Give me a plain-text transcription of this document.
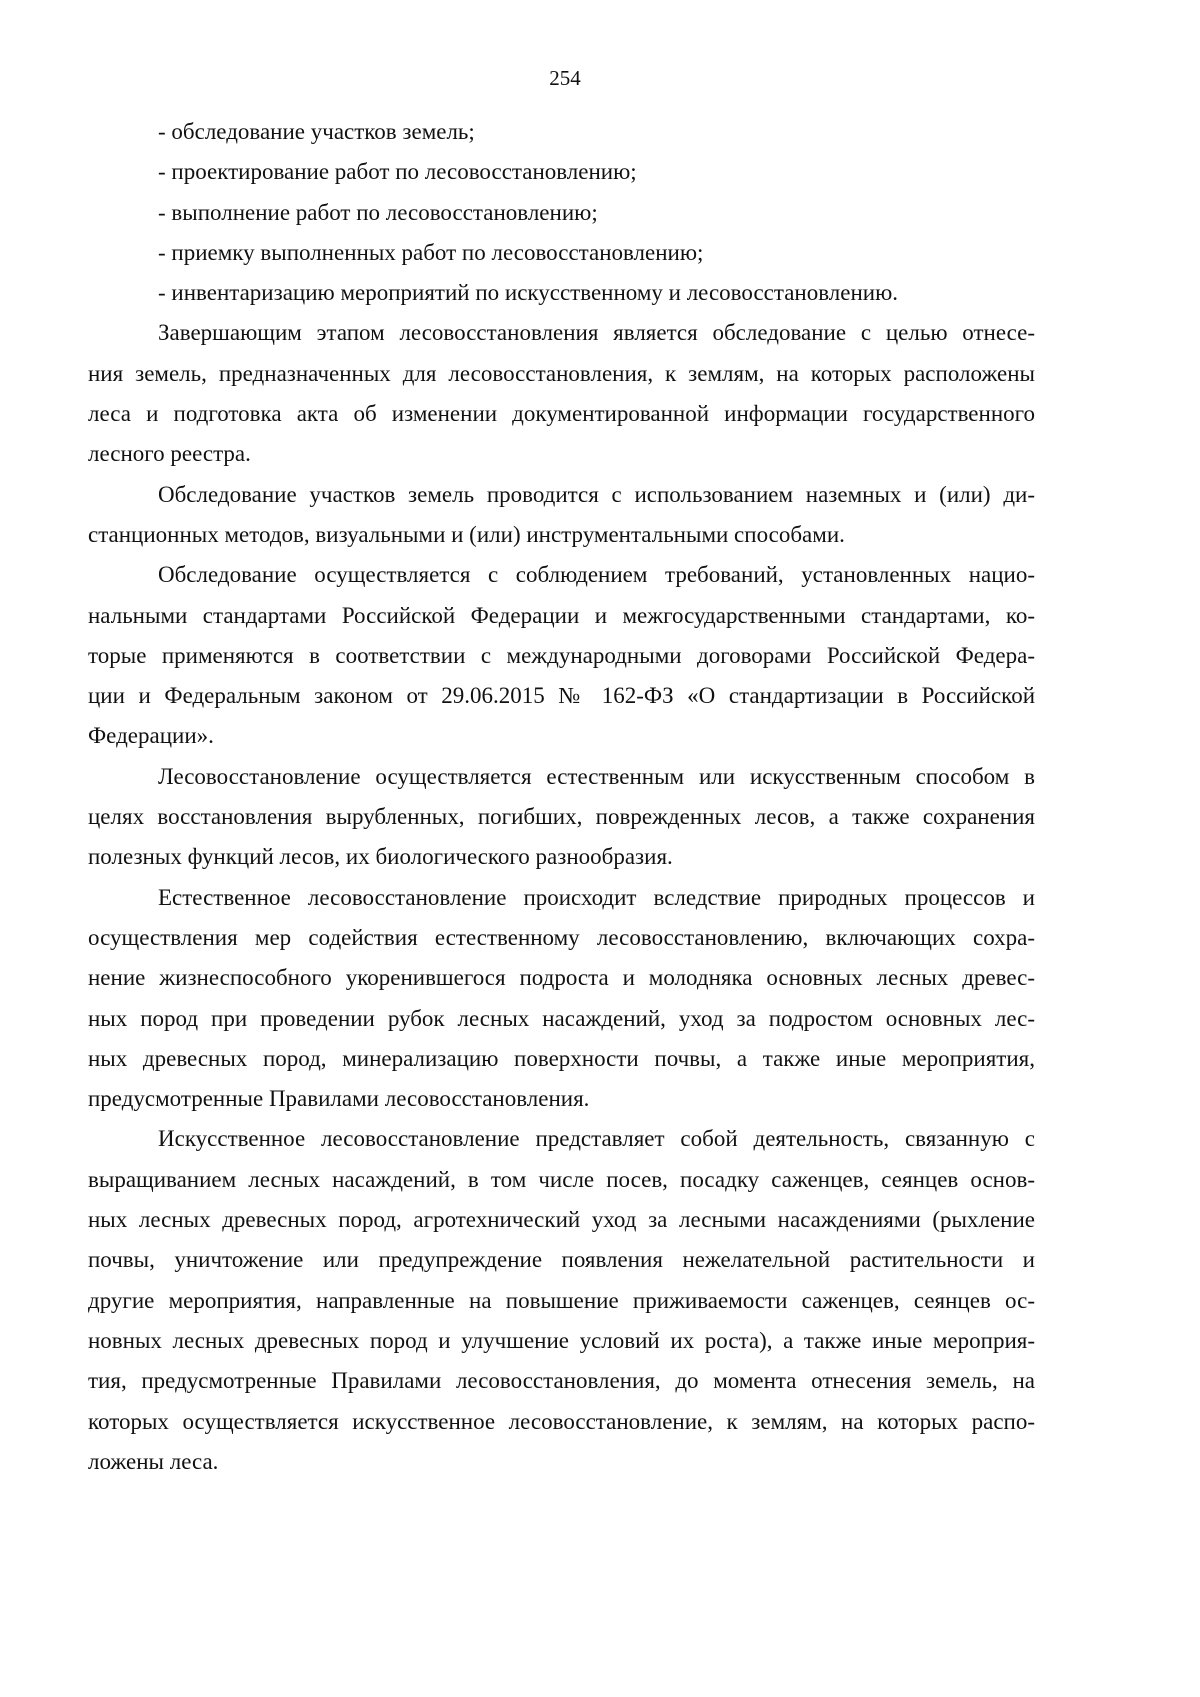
254
- обследование участков земель;
- проектирование работ по лесовосстановлению;
- выполнение работ по лесовосстановлению;
- приемку выполненных работ по лесовосстановлению;
- инвентаризацию мероприятий по искусственному и лесовосстановлению.
Завершающим этапом лесовосстановления является обследование с целью отнесе-
ния земель, предназначенных для лесовосстановления, к землям, на которых расположены
леса и подготовка акта об изменении документированной информации государственного
лесного реестра.
Обследование участков земель проводится с использованием наземных и (или) ди-
станционных методов, визуальными и (или) инструментальными способами.
Обследование осуществляется с соблюдением требований, установленных нацио-
нальными стандартами Российской Федерации и межгосударственными стандартами, ко-
торые применяются в соответствии с международными договорами Российской Федера-
ции и Федеральным законом от 29.06.2015 № 162-ФЗ «О стандартизации в Российской
Федерации».
Лесовосстановление осуществляется естественным или искусственным способом в
целях восстановления вырубленных, погибших, поврежденных лесов, а также сохранения
полезных функций лесов, их биологического разнообразия.
Естественное лесовосстановление происходит вследствие природных процессов и
осуществления мер содействия естественному лесовосстановлению, включающих сохра-
нение жизнеспособного укоренившегося подроста и молодняка основных лесных древес-
ных пород при проведении рубок лесных насаждений, уход за подростом основных лес-
ных древесных пород, минерализацию поверхности почвы, а также иные мероприятия,
предусмотренные Правилами лесовосстановления.
Искусственное лесовосстановление представляет собой деятельность, связанную с
выращиванием лесных насаждений, в том числе посев, посадку саженцев, сеянцев основ-
ных лесных древесных пород, агротехнический уход за лесными насаждениями (рыхление
почвы, уничтожение или предупреждение появления нежелательной растительности и
другие мероприятия, направленные на повышение приживаемости саженцев, сеянцев ос-
новных лесных древесных пород и улучшение условий их роста), а также иные мероприя-
тия, предусмотренные Правилами лесовосстановления, до момента отнесения земель, на
которых осуществляется искусственное лесовосстановление, к землям, на которых распо-
ложены леса.
